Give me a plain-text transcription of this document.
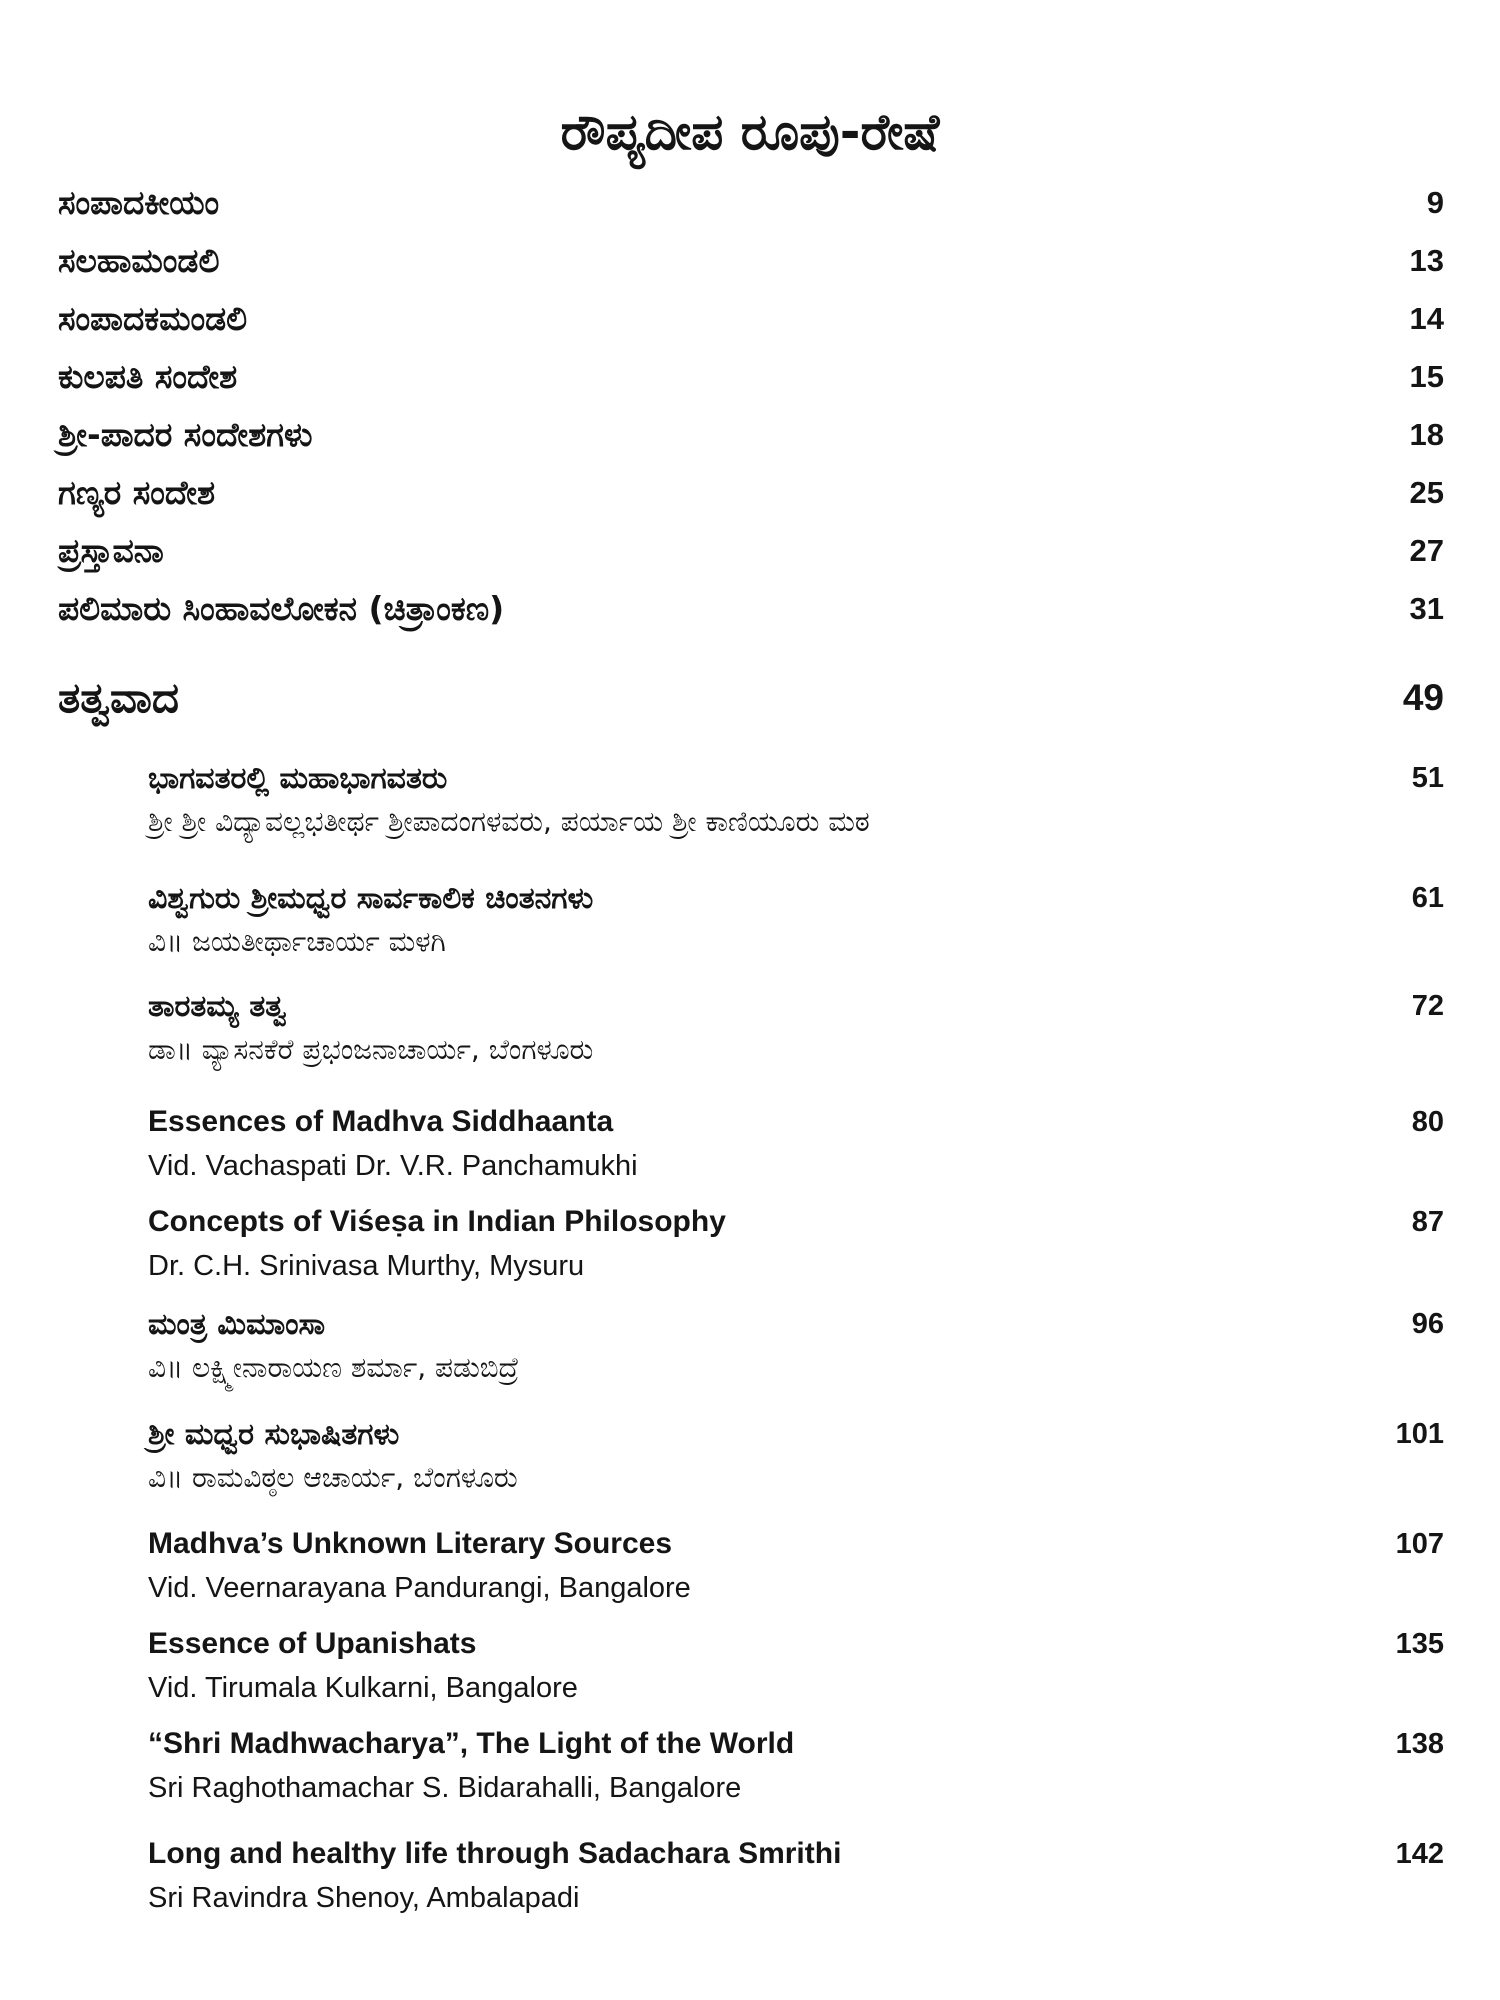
ರೌಪ್ಯದೀಪ ರೂಪು-ರೇಷೆ
ಸಂಪಾದಕೀಯಂ	9
ಸಲಹಾಮಂಡಲಿ	13
ಸಂಪಾದಕಮಂಡಲಿ	14
ಕುಲಪತಿ ಸಂದೇಶ	15
ಶ್ರೀ-ಪಾದರ ಸಂದೇಶಗಳು	18
ಗಣ್ಯರ ಸಂದೇಶ	25
ಪ್ರಸ್ತಾವನಾ	27
ಪಲಿಮಾರು ಸಿಂಹಾವಲೋಕನ (ಚಿತ್ರಾಂಕಣ)	31
ತತ್ವವಾದ	49
ಭಾಗವತರಲ್ಲಿ ಮಹಾಭಾಗವತರು	51
ಶ್ರೀ ಶ್ರೀ ವಿದ್ಯಾವಲ್ಲಭತೀರ್ಥ ಶ್ರೀಪಾದಂಗಳವರು, ಪರ್ಯಾಯ ಶ್ರೀ ಕಾಣಿಯೂರು ಮಠ
ವಿಶ್ವಗುರು ಶ್ರೀಮಧ್ವರ ಸಾರ್ವಕಾಲಿಕ ಚಿಂತನಗಳು	61
ವಿ॥ ಜಯತೀರ್ಥಾಚಾರ್ಯ ಮಳಗಿ
ತಾರತಮ್ಯ ತತ್ವ	72
ಡಾ॥ ವ್ಯಾಸನಕೆರೆ ಪ್ರಭಂಜನಾಚಾರ್ಯ, ಬೆಂಗಳೂರು
Essences of Madhva Siddhaanta	80
Vid. Vachaspati Dr. V.R. Panchamukhi
Concepts of Viśeṣa in Indian Philosophy	87
Dr. C.H. Srinivasa Murthy, Mysuru
ಮಂತ್ರ ಮಿಮಾಂಸಾ	96
ವಿ॥ ಲಕ್ಷ್ಮೀನಾರಾಯಣ ಶರ್ಮಾ, ಪಡುಬಿದ್ರೆ
ಶ್ರೀ ಮಧ್ವರ ಸುಭಾಷಿತಗಳು	101
ವಿ॥ ರಾಮವಿಠ್ಠಲ ಆಚಾರ್ಯ, ಬೆಂಗಳೂರು
Madhva’s Unknown Literary Sources	107
Vid. Veernarayana Pandurangi, Bangalore
Essence of Upanishats	135
Vid. Tirumala Kulkarni, Bangalore
“Shri Madhwacharya”, The Light of the World	138
Sri Raghothamachar S. Bidarahalli, Bangalore
Long and healthy life through Sadachara Smrithi	142
Sri Ravindra Shenoy, Ambalapadi
